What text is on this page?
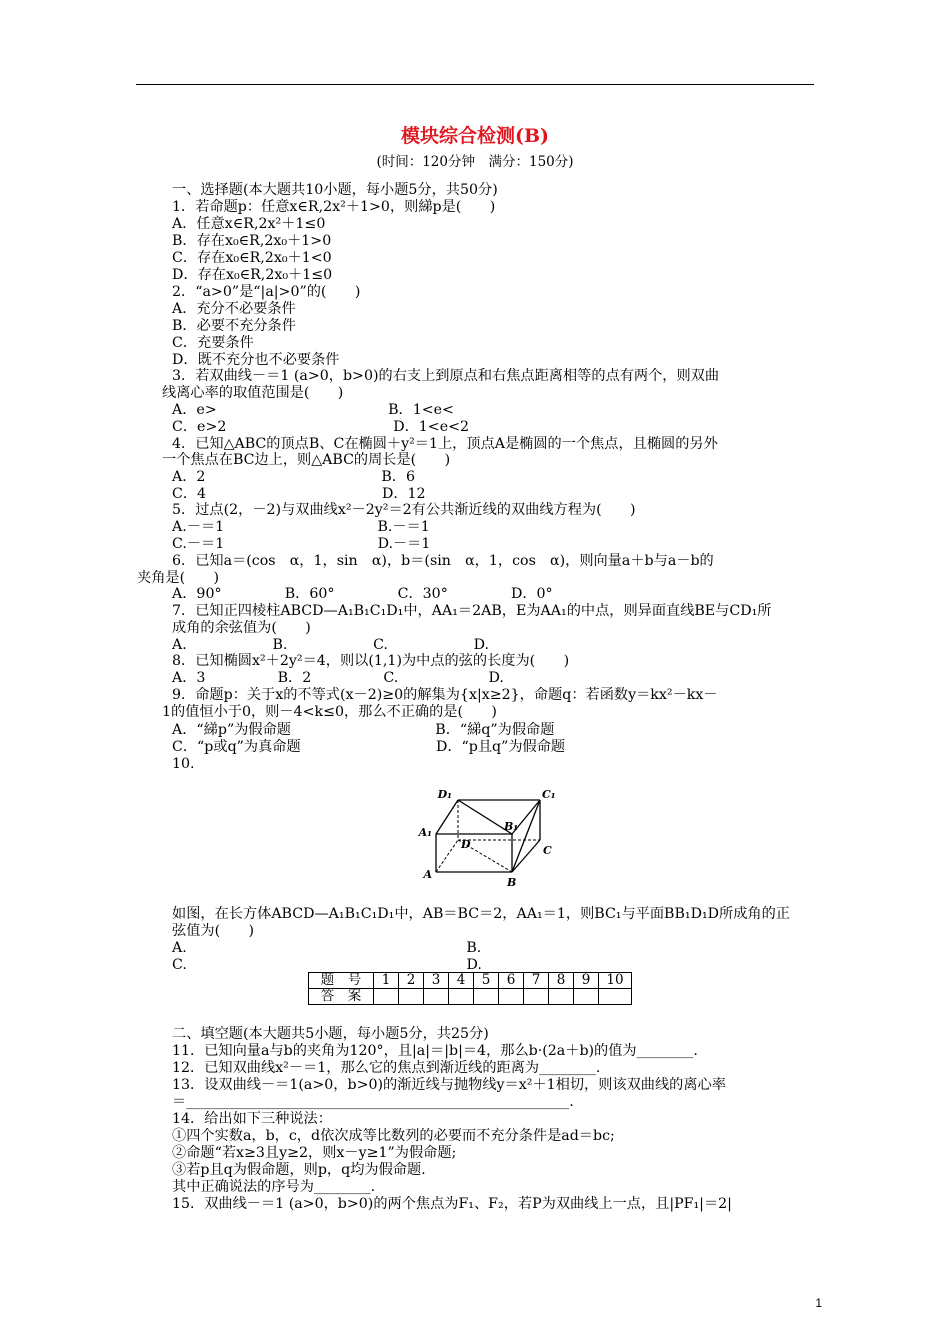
模块综合检测(B)
(时间：120分钟　满分：150分)
一、选择题(本大题共10小题，每小题5分，共50分)
1．若命题p：任意x∈R,2x²＋1>0，则綈p是(　　)
A．任意x∈R,2x²＋1≤0
B．存在x₀∈R,2x₀＋1>0
C．存在x₀∈R,2x₀＋1<0
D．存在x₀∈R,2x₀＋1≤0
2．“a>0”是“|a|>0”的(　　)
A．充分不必要条件
B．必要不充分条件
C．充要条件
D．既不充分也不必要条件
3．若双曲线－＝1 (a>0，b>0)的右支上到原点和右焦点距离相等的点有两个，则双曲
线离心率的取值范围是(　　)
A．e>                                      B．1<e<
C．e>2                                     D．1<e<2
4．已知△ABC的顶点B、C在椭圆＋y²＝1上，顶点A是椭圆的一个焦点，且椭圆的另外
一个焦点在BC边上，则△ABC的周长是(　　)
A．2                                       B．6
C．4                                       D．12
5．过点(2，－2)与双曲线x²－2y²＝2有公共渐近线的双曲线方程为(　　)
A.－＝1                                  B.－＝1
C.－＝1                                  D.－＝1
6．已知a＝(cos　α，1，sin　α)，b＝(sin　α，1，cos　α)，则向量a＋b与a－b的
夹角是(　　)
A．90°              B．60°              C．30°              D．0°
7．已知正四棱柱ABCD—A₁B₁C₁D₁中，AA₁＝2AB，E为AA₁的中点，则异面直线BE与CD₁所
成角的余弦值为(　　)
A.                   B.                   C.                   D.
8．已知椭圆x²＋2y²＝4，则以(1,1)为中点的弦的长度为(　　)
A．3                B．2                C.                    D.
9．命题p：关于x的不等式(x－2)≥0的解集为{x|x≥2}，命题q：若函数y＝kx²－kx－
1的值恒小于0，则－4<k≤0，那么不正确的是(　　)
A．“綈p”为假命题                                B．“綈q”为假命题
C．“p或q”为真命题                              D．“p且q”为假命题
10.
D₁	C₁
B₁
A₁
D	C
A
B
如图，在长方体ABCD—A₁B₁C₁D₁中，AB＝BC＝2，AA₁＝1，则BC₁与平面BB₁D₁D所成角的正
弦值为(　　)
A.                                                              B.
C.                                                              D.
题　号	1	2	3	4	5	6	7	8	9	10
答　案										
二、填空题(本大题共5小题，每小题5分，共25分)
11．已知向量a与b的夹角为120°，且|a|＝|b|＝4，那么b·(2a＋b)的值为________.
12．已知双曲线x²－＝1，那么它的焦点到渐近线的距离为________.
13．设双曲线－＝1(a>0，b>0)的渐近线与抛物线y＝x²＋1相切，则该双曲线的离心率
＝______________________________________________________.
14．给出如下三种说法：
①四个实数a，b，c，d依次成等比数列的必要而不充分条件是ad＝bc;
②命题“若x≥3且y≥2，则x－y≥1”为假命题;
③若p且q为假命题，则p，q均为假命题.
其中正确说法的序号为________.
15．双曲线－＝1 (a>0，b>0)的两个焦点为F₁、F₂，若P为双曲线上一点，且|PF₁|＝2|
1
